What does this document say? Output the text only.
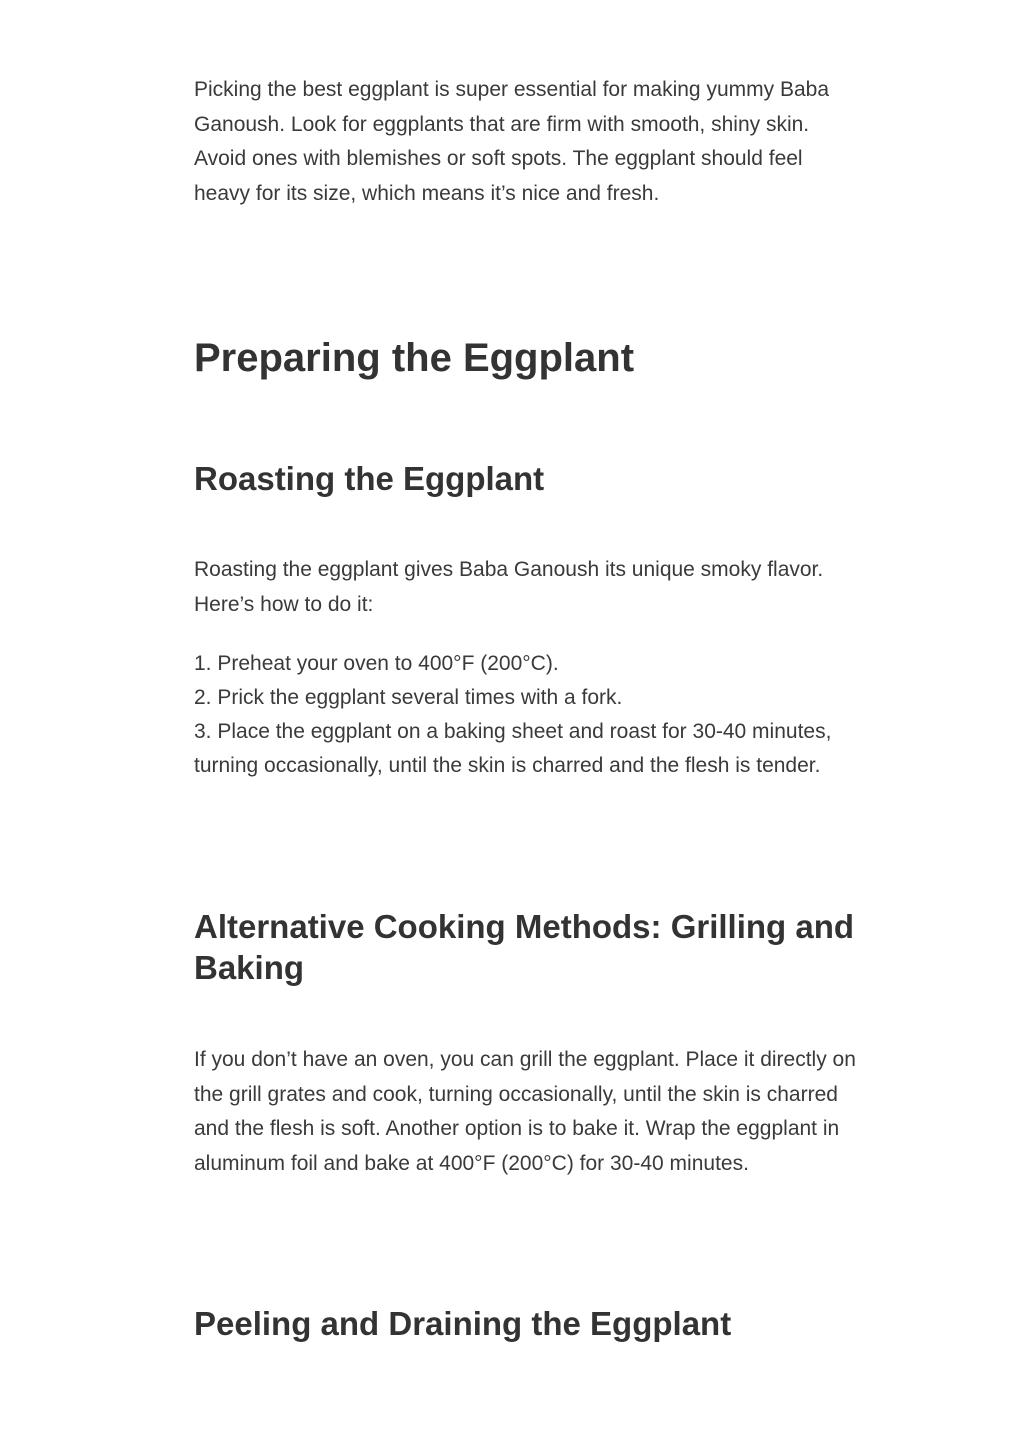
Picking the best eggplant is super essential for making yummy Baba Ganoush. Look for eggplants that are firm with smooth, shiny skin. Avoid ones with blemishes or soft spots. The eggplant should feel heavy for its size, which means it’s nice and fresh.

Preparing the Eggplant
Roasting the Eggplant

Roasting the eggplant gives Baba Ganoush its unique smoky flavor. Here’s how to do it:

1. Preheat your oven to 400°F (200°C).
2. Prick the eggplant several times with a fork.
3. Place the eggplant on a baking sheet and roast for 30-40 minutes, turning occasionally, until the skin is charred and the flesh is tender.
Alternative Cooking Methods: Grilling and Baking

If you don’t have an oven, you can grill the eggplant. Place it directly on the grill grates and cook, turning occasionally, until the skin is charred and the flesh is soft. Another option is to bake it. Wrap the eggplant in aluminum foil and bake at 400°F (200°C) for 30-40 minutes.

Peeling and Draining the Eggplant
